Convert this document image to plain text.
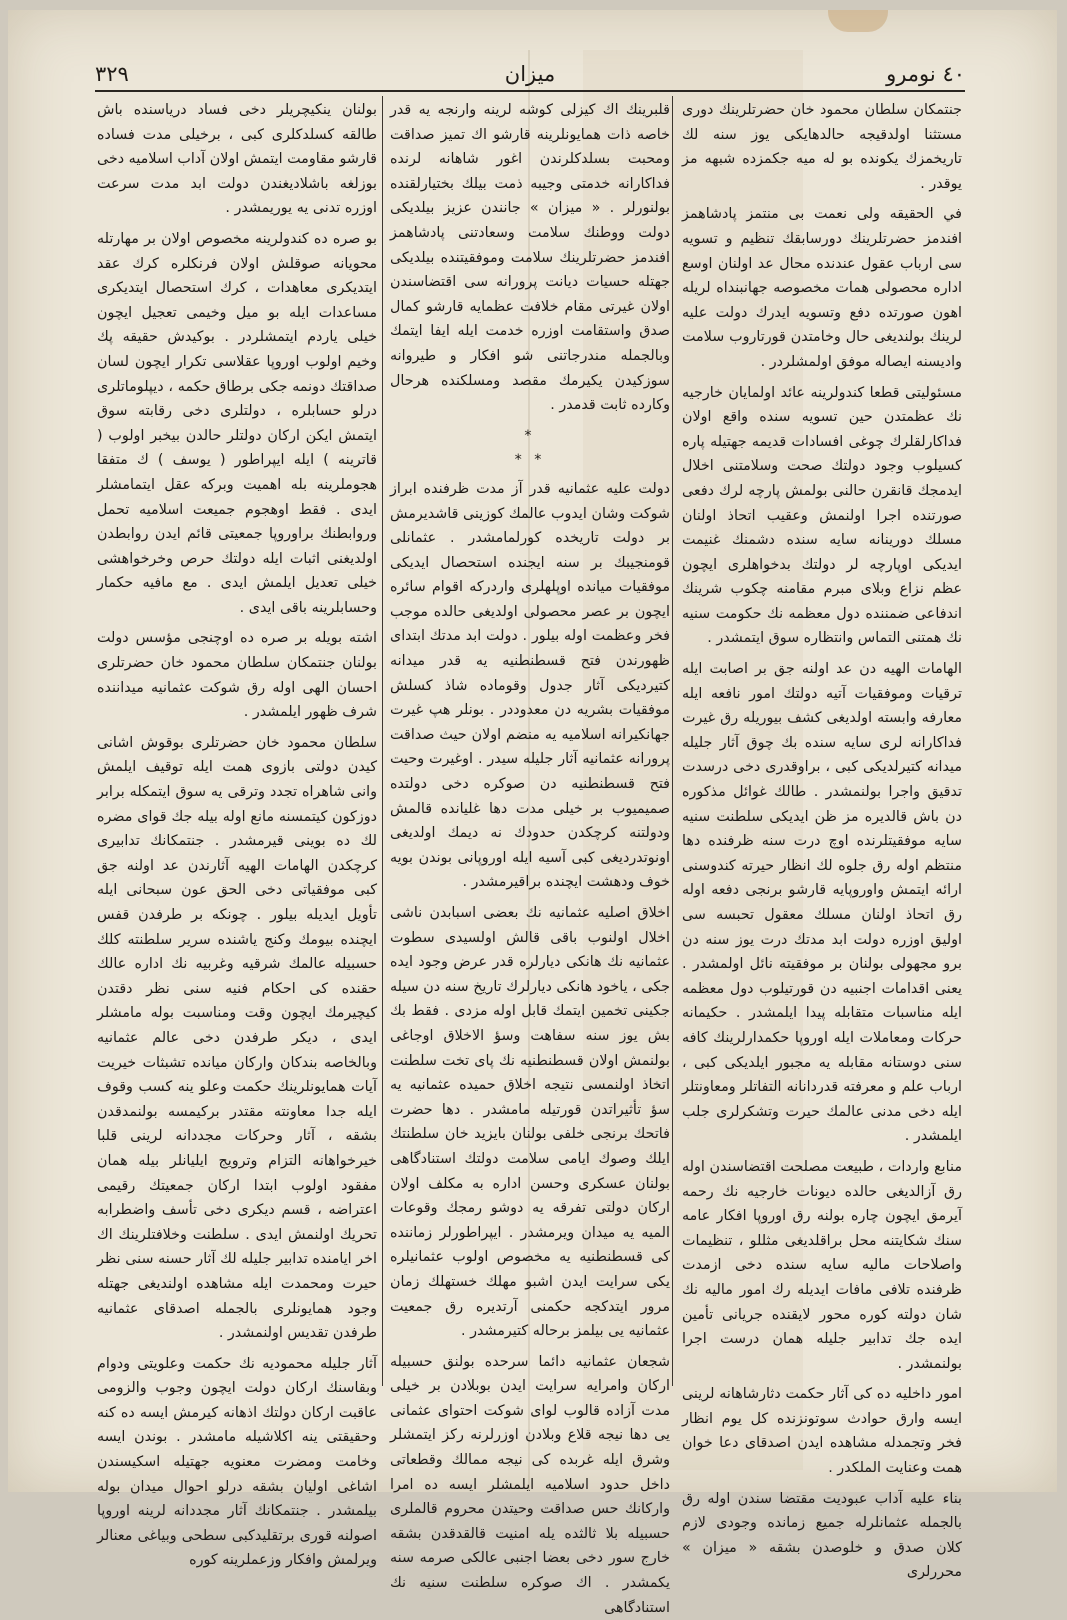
٤٠ نومرو
ميزان
٣٢٩

جنتمكان سلطان محمود خان حضرتلرينك دورى مستثنا اولدقيجه حالدهايكى يوز سنه لك تاريخمزك يكونده بو له ميه جكمزده شبهه مز يوقدر .

في الحقيقه ولى نعمت بى منتمز پادشاهمز افندمز حضرتلرينك دورسابقك تنظيم و تسويه سى ارباب عقول عندنده محال عد اولنان اوسع اداره محصولى همات مخصوصه جهانبنداه لريله اهون صورتده دفع وتسويه ايدرك دولت عليه لرينك بولنديغى حال وخامتدن قورتاروب سلامت واديسنه ايصاله موفق اولمشلردر .

مسئوليتى قطعا كندولرينه عائد اولمايان خارجيه نك عظمتدن حين تسويه سنده واقع اولان فداكارلقلرك چوغى افسادات قديمه جهتيله پاره كسيلوب وجود دولتك صحت وسلامتنى اخلال ايدمجك قانقرن حالنى بولمش پارچه لرك دفعى صورتنده اجرا اولنمش وعقيب اتحاذ اولنان مسلك دورينانه سايه سنده دشمنك غنيمت ايديكى اوپارچه لر دولتك بدخواهلرى ايچون عظم نزاع وبلاى مبرم مقامنه چكوب شرينك اندفاعى ضمننده دول معظمه نك حكومت سنيه نك همتنى التماس وانتظاره سوق ايتمشدر .

الهامات الهيه دن عد اولنه جق بر اصابت ايله ترقيات وموفقيات آتيه دولتك امور نافعه ايله معارفه وابسته اولديغى كشف بيوريله رق غيرت فداكارانه لرى سايه سنده بك چوق آثار جليله ميدانه كتيرلديكى كبى ، براوقدرى دخى درسدت تدقيق واجرا بولنمشدر . طالك غوائل مذكوره دن باش قالديره مز ظن ايديكى سلطنت سنيه سايه موفقيتلرنده اوچ درت سنه ظرفنده دها منتظم اوله رق جلوه لك انظار حيرته كندوسنى ارائه ايتمش واوروپايه قارشو برنجى دفعه اوله رق اتحاذ اولنان مسلك معقول تحبسه سى اوليق اوزره دولت ابد مدتك درت يوز سنه دن برو مجهولى بولنان بر موفقيته نائل اولمشدر . يعنى اقدامات اجنبيه دن قورتيلوب دول معظمه ايله مناسبات متقابله پيدا ايلمشدر . حكيمانه حركات ومعاملات ايله اوروپا حكمدارلرينك كافه سنى دوستانه مقابله يه مجبور ايلديكى كبى ، ارباب علم و معرفته قدردانانه التفاتلر ومعاونتلر ايله دخى مدنى عالمك حيرت وتشكرلرى جلب ايلمشدر .

منابع واردات ، طبيعت مصلحت اقتضاسندن اوله رق آزالديغى حالده ديونات خارجيه نك رحمه آيرمق ايچون چاره بولنه رق اوروپا افكار عامه سنك شكايتنه محل براقلديغى مثللو ، تنظيمات واصلاحات ماليه سايه سنده دخى ازمدت ظرفنده تلافى مافات ايديله رك امور ماليه نك شان دولته كوره محور لايقنده جريانى تأمين ايده جك تدابير جليله همان درست اجرا بولنمشدر .

امور داخليه ده كى آثار حكمت دثارشاهانه لرينى ايسه وارق حوادث سوتونزنده كل يوم انظار فخر وتجمدله مشاهده ايدن اصدقاى دعا خوان همت وعنايت الملكدر .

بناء عليه آداب عبوديت مقتضا سندن اوله رق بالجمله عثمانلرله جميع زمانده وجودى لازم كلان صدق و خلوصدن بشقه « ميزان » محررلرى

قلبرينك اك كيزلى كوشه لرينه وارنجه يه قدر خاصه ذات همايونلرينه قارشو اك تميز صداقت ومحبت بسلدكلرندن اغور شاهانه لرنده فداكارانه خدمتى وجيبه ذمت بيلك بختيارلقنده بولنورلر . « ميزان » جانندن عزيز بيلديكى دولت ووطنك سلامت وسعادتنى پادشاهمز افندمز حضرتلرينك سلامت وموفقيتنده بيلديكى جهتله حسيات ديانت پرورانه سى اقتضاسندن اولان غيرتى مقام خلافت عظمايه قارشو كمال صدق واستقامت اوزره خدمت ايله ايفا ايتمك وبالجمله مندرجاتنى شو افكار و طيروانه سوزكيدن يكيرمك مقصد ومسلكنده هرحال وكارده ثابت قدمدر .

*
* *

دولت عليه عثمانيه قدر آز مدت ظرفنده ابراز شوكت وشان ايدوب عالمك كوزينى قاشديرمش بر دولت تاريخده كورلمامشدر . عثمانلى قومنجيبك بر سنه ايجنده استحصال ايديكى موفقيات ميانده اوپلهلرى واردركه اقوام سائره ايچون بر عصر محصولى اولديغى حالده موجب فخر وعظمت اوله بيلور . دولت ابد مدتك ابتداى ظهورندن فتح قسطنطنيه يه قدر ميدانه كتيرديكى آثار جدول وقوماده شاذ كسلش موفقيات بشريه دن معدوددر . بونلر هپ غيرت جهانكيرانه اسلاميه يه منضم اولان حيث صداقت پرورانه عثمانيه آثار جليله سيدر . اوغيرت وحيت فتح قسطنطنيه دن صوكره دخى دولتده صميميوب بر خيلى مدت دها غليانده قالمش ودولتنه كرچكدن حدودك نه ديمك اولديغى اونوتدرديغى كبى آسيه ايله اوروپانى بوندن بويه خوف ودهشت ايچنده براقيرمشدر .

اخلاق اصليه عثمانيه نك بعضى اسبابدن ناشى اخلال اولنوب باقى قالش اولسيدى سطوت عثمانيه نك هانكى ديارلره قدر عرض وجود ايده جكى ، ياخود هانكى ديارلرك تاريخ سنه دن سيله جكينى تخمين ايتمك قابل اوله مزدى . فقط بك بش يوز سنه سفاهت وسؤ الاخلاق اوجاغى بولنمش اولان قسطنطنيه نك پاى تخت سلطنت اتخاذ اولنمسى نتيجه اخلاق حميده عثمانيه يه سؤ تأثيراتدن قورتيله مامشدر . دها حضرت فاتحك برنجى خلفى بولنان بايزيد خان سلطنتك ايلك وصوك ايامى سلامت دولتك استنادگاهى بولنان عسكرى وحسن اداره به مكلف اولان اركان دولتى تفرقه يه دوشو رمجك وقوعات الميه يه ميدان ويرمشدر . ايپراطورلر زماننده كى قسطنطنيه يه مخصوص اولوب عثمانيلره يكى سرايت ايدن اشبو مهلك خستهلك زمان مرور ايتدكجه حكمنى آرتديره رق جمعيت عثمانيه يى بيلمز برحاله كتيرمشدر .

شجعان عثمانيه دائما سرحده بولنق حسبيله اركان وامرايه سرايت ايدن بوبلادن بر خيلى مدت آزاده قالوب لواى شوكت احتواى عثمانى يى دها نيجه قلاع وبلادن اوزرلرنه ركز ايتمشلر وشرق ايله غربده كى نيجه ممالك وقطعاتى داخل حدود اسلاميه ايلمشلر ايسه ده امرا واركانك حس صداقت وحيتدن محروم قالملرى حسبيله بلا ثالثده يله امنيت قالقدقدن بشقه خارج سور دخى بعضا اجنبى عالكى صرمه سنه يكمشدر . اك صوكره سلطنت سنيه نك استنادگاهى

بولنان ينكيچريلر دخى فساد درياسنده باش طالقه كسلدكلرى كبى ، برخيلى مدت فساده قارشو مقاومت ايتمش اولان آداب اسلاميه دخى بوزلغه باشلاديغندن دولت ابد مدت سرعت اوزره تدنى يه يوريمشدر .

بو صره ده كندولرينه مخصوص اولان بر مهارتله محويانه صوقلش اولان فرنكلره كرك عقد ايتديكرى معاهدات ، كرك استحصال ايتديكرى مساعدات ايله بو ميل وخيمى تعجيل ايچون خيلى ياردم ايتمشلردر . بوكيدش حقيقه پك وخيم اولوب اوروپا عقلاسى تكرار ايچون لسان صداقتك دونمه جكى برطاق حكمه ، ديپلوماتلرى درلو حسابلره ، دولتلرى دخى رقابته سوق ايتمش ايكن اركان دولتلر حالدن بيخبر اولوب ( قاترينه ) ايله ايپراطور ( يوسف ) ك متفقا هجوملرينه بله اهميت وبركه عقل ايتمامشلر ايدى . فقط اوهجوم جميعت اسلاميه تحمل وروابطنك براوروپا جمعيتى قائم ايدن روابطدن اولديغنى اثبات ايله دولتك حرص وخرخواهشى خيلى تعديل ايلمش ايدى . مع مافيه حكمار وحسابلرينه باقى ايدى .

اشته بويله بر صره ده اوچنجى مؤسس دولت بولنان جنتمكان سلطان محمود خان حضرتلرى احسان الهى اوله رق شوكت عثمانيه ميداننده شرف ظهور ايلمشدر .

سلطان محمود خان حضرتلرى بوقوش اشانى كيدن دولتى بازوى همت ايله توقيف ايلمش وانى شاهراه تجدد وترقى يه سوق ايتمكله برابر دوزكون كيتمسنه مانع اوله بيله جك قواى مضره لك ده بوينى قيرمشدر . جنتمكانك تدابيرى كرچكدن الهامات الهيه آثارندن عد اولنه جق كبى موفقياتى دخى الحق عون سبحانى ايله تأويل ايديله بيلور . چونكه بر طرفدن قفس ايچنده بيومك وكنج ياشنده سرير سلطنته كلك حسبيله عالمك شرقيه وغربيه نك اداره عالك حقنده كى احكام فنيه سنى نظر دقتدن كيچيرمك ايچون وقت ومناسبت بوله مامشلر ايدى ، ديكر طرفدن دخى عالم عثمانيه وبالخاصه بندكان واركان ميانده تشبثات خيريت آيات همايونلرينك حكمت وعلو ينه كسب وقوف ايله جدا معاونته مقتدر بركيمسه بولنمدقدن بشقه ، آثار وحركات مجددانه لرينى قلبا خيرخواهانه التزام وترويج ايليانلر بيله همان مفقود اولوب ابتدا اركان جمعيتك رقيمى اعتراضه ، قسم ديكرى دخى تأسف واضطرابه تحريك اولنمش ايدى . سلطنت وخلافتلرينك اك اخر ايامنده تدابير جليله لك آثار حسنه سنى نظر حيرت ومحمدت ايله مشاهده اولنديغى جهتله وجود همايونلرى بالجمله اصدقاى عثمانيه طرفدن تقديس اولنمشدر .

آثار جليله محموديه نك حكمت وعلويتى ودوام وبقاسنك اركان دولت ايچون وجوب والزومى عاقبت اركان دولتك اذهانه كيرمش ايسه ده كنه وحقيقتى ينه اكلاشيله مامشدر . بوندن ايسه وخامت ومضرت معنويه جهتيله اسكيسندن اشاغى اوليان بشقه درلو احوال ميدان بوله بيلمشدر . جنتمكانك آثار مجددانه لرينه اوروپا اصولنه قورى برتقليدكبى سطحى وبياغى معنالر ويرلمش وافكار وزعملرينه كوره
